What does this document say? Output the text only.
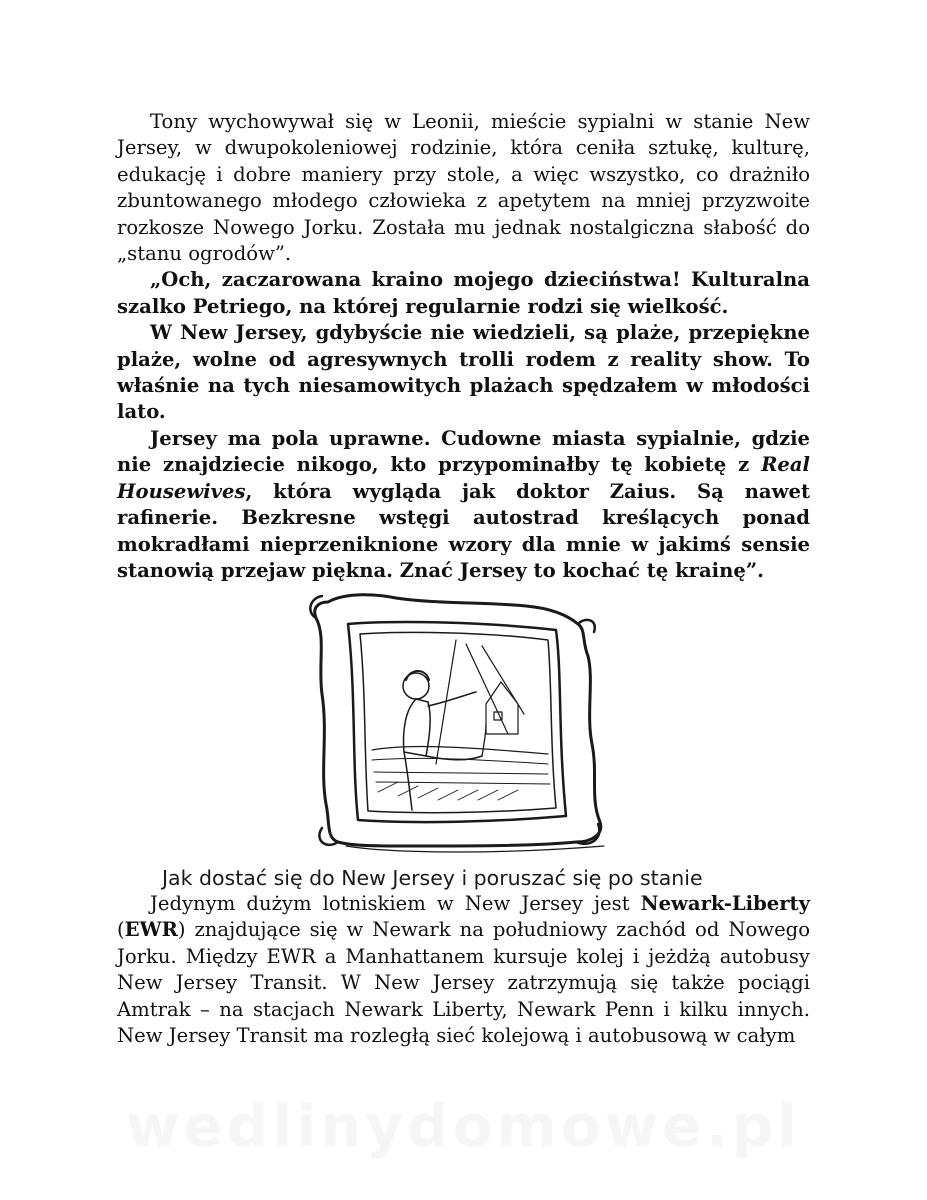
Tony wychowywał się w Leonii, mieście sypialni w stanie New Jersey, w dwupokoleniowej rodzinie, która ceniła sztukę, kulturę, edukację i dobre maniery przy stole, a więc wszystko, co drażniło zbuntowanego młodego człowieka z apetytem na mniej przyzwoite rozkosze Nowego Jorku. Została mu jednak nostalgiczna słabość do „stanu ogrodów”.

„Och, zaczarowana kraino mojego dzieciństwa! Kulturalna szalko Petriego, na której regularnie rodzi się wielkość.

W New Jersey, gdybyście nie wiedzieli, są plaże, przepiękne plaże, wolne od agresywnych trolli rodem z reality show. To właśnie na tych niesamowitych plażach spędzałem w młodości lato.

Jersey ma pola uprawne. Cudowne miasta sypialnie, gdzie nie znajdziecie nikogo, kto przypominałby tę kobietę z Real Housewives, która wygląda jak doktor Zaius. Są nawet rafinerie. Bezkresne wstęgi autostrad kreślących ponad mokradłami nieprzeniknione wzory dla mnie w jakimś sensie stanowią przejaw piękna. Znać Jersey to kochać tę krainę”.

Jak dostać się do New Jersey i poruszać się po stanie

Jedynym dużym lotniskiem w New Jersey jest Newark-Liberty (EWR) znajdujące się w Newark na południowy zachód od Nowego Jorku. Między EWR a Manhattanem kursuje kolej i jeżdżą autobusy New Jersey Transit. W New Jersey zatrzymują się także pociągi Amtrak – na stacjach Newark Liberty, Newark Penn i kilku innych. New Jersey Transit ma rozległą sieć kolejową i autobusową w całym

wedlinydomowe.pl
